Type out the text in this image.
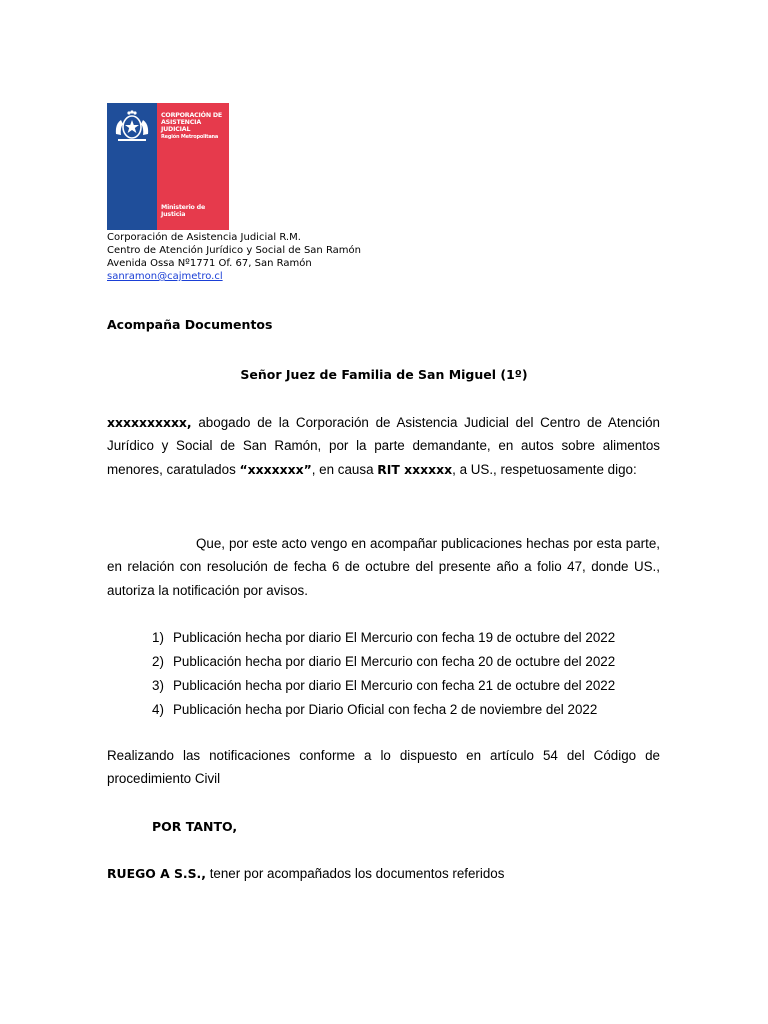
CORPORACIÓN DE
ASISTENCIA
JUDICIAL
Región Metropolitana
Ministerio de
Justicia
Corporación de Asistencia Judicial R.M.
Centro de Atención Jurídico y Social de San Ramón
Avenida Ossa Nº1771 Of. 67, San Ramón
sanramon@cajmetro.cl
Acompaña Documentos
Señor Juez de Familia de San Miguel (1º)
xxxxxxxxxx, abogado de la Corporación de Asistencia Judicial del Centro de Atención Jurídico y Social de San Ramón, por la parte demandante, en autos sobre alimentos menores, caratulados “xxxxxxx”, en causa RIT xxxxxx, a US., respetuosamente digo:
Que, por este acto vengo en acompañar publicaciones hechas por esta parte, en relación con resolución de fecha 6 de octubre del presente año a folio 47, donde US., autoriza la notificación por avisos.
1) Publicación hecha por diario El Mercurio con fecha 19 de octubre del 2022
2) Publicación hecha por diario El Mercurio con fecha 20 de octubre del 2022
3) Publicación hecha por diario El Mercurio con fecha 21 de octubre del 2022
4) Publicación hecha por Diario Oficial con fecha 2 de noviembre del 2022
Realizando las notificaciones conforme a lo dispuesto en artículo 54 del Código de procedimiento Civil
POR TANTO,
RUEGO A S.S., tener por acompañados los documentos referidos
